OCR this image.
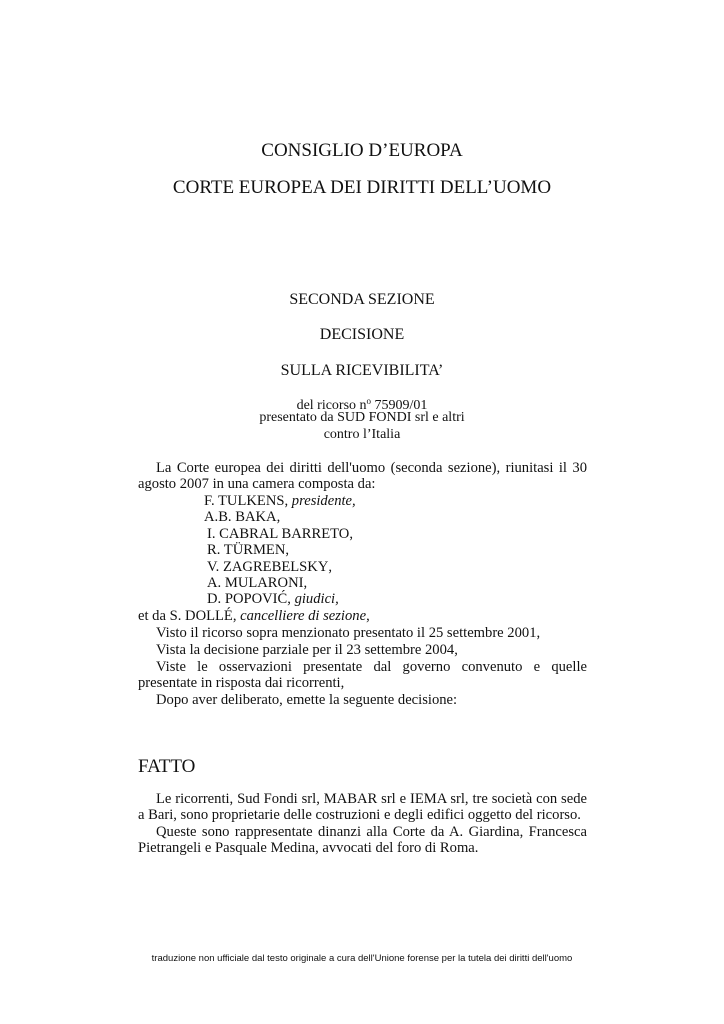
CONSIGLIO D’EUROPA
CORTE EUROPEA DEI DIRITTI DELL’UOMO
SECONDA SEZIONE
DECISIONE
SULLA RICEVIBILITA’
del ricorso $n^o$ 75909/01
presentato da SUD FONDI srl e altri
contro l’Italia
La Corte europea dei diritti dell'uomo (seconda sezione), riunitasi il 30 agosto 2007 in una camera composta da:
F. TULKENS, presidente,
A.B. BAKA,
I. CABRAL BARRETO,
R. TÜRMEN,
V. ZAGREBELSKY,
A. MULARONI,
D. POPOVIĆ, giudici,
et da S. DOLLÉ, cancelliere di sezione,
Visto il ricorso sopra menzionato presentato il 25 settembre 2001,
Vista la decisione parziale per il 23 settembre 2004,
Viste le osservazioni presentate dal governo convenuto e quelle presentate in risposta dai ricorrenti,
Dopo aver deliberato, emette la seguente decisione:
FATTO
Le ricorrenti, Sud Fondi srl, MABAR srl e IEMA srl, tre società con sede a Bari, sono proprietarie delle costruzioni e degli edifici oggetto del ricorso.
Queste sono rappresentate dinanzi alla Corte da A. Giardina, Francesca Pietrangeli e Pasquale Medina, avvocati del foro di Roma.
traduzione non ufficiale dal testo originale a cura dell'Unione forense per la tutela dei diritti dell'uomo
